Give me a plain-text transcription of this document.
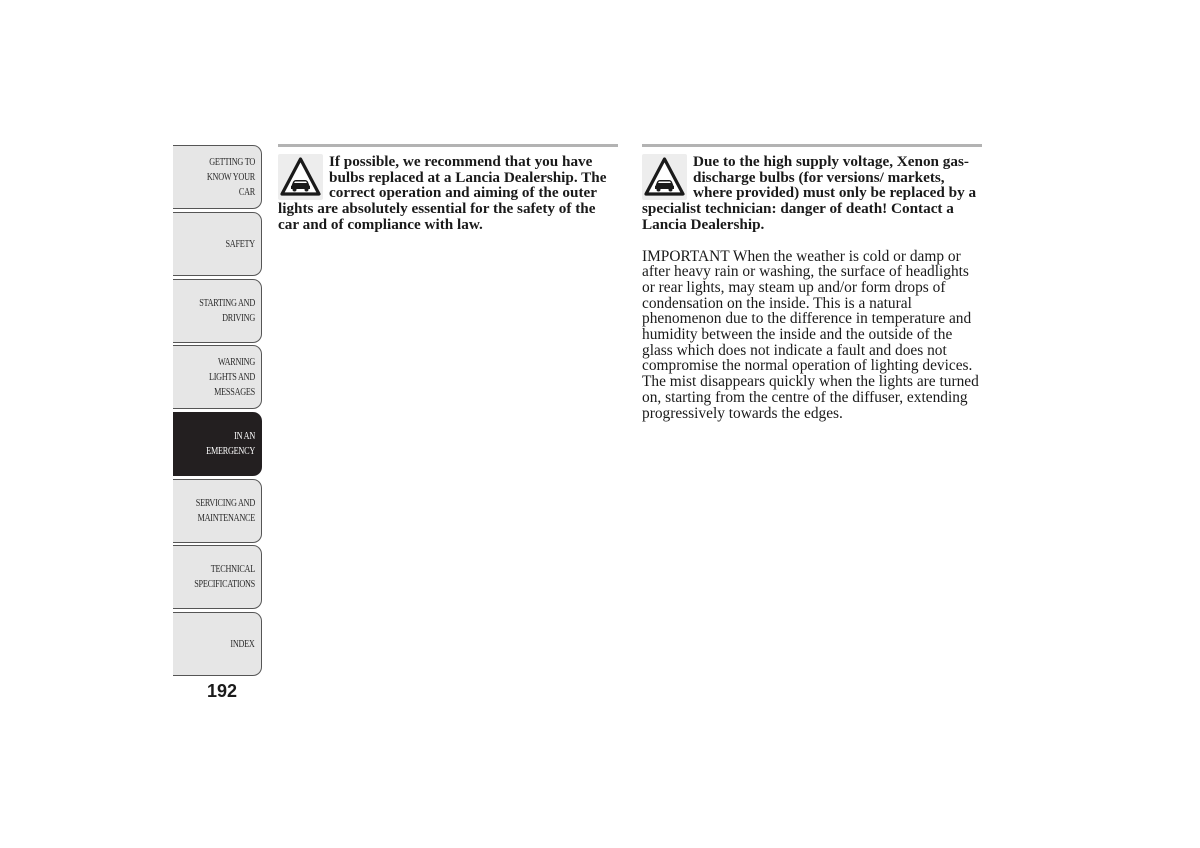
GETTING TO KNOW YOUR CAR
SAFETY
STARTING AND DRIVING
WARNING LIGHTS AND MESSAGES
IN AN EMERGENCY
SERVICING AND MAINTENANCE
TECHNICAL SPECIFICATIONS
INDEX
192

If possible, we recommend that you have bulbs replaced at a Lancia Dealership. The correct operation and aiming of the outer lights are absolutely essential for the safety of the car and of compliance with law.

Due to the high supply voltage, Xenon gas-discharge bulbs (for versions/ markets, where provided) must only be replaced by a specialist technician: danger of death! Contact a Lancia Dealership.

IMPORTANT When the weather is cold or damp or after heavy rain or washing, the surface of headlights or rear lights, may steam up and/or form drops of condensation on the inside. This is a natural phenomenon due to the difference in temperature and humidity between the inside and the outside of the glass which does not indicate a fault and does not compromise the normal operation of lighting devices. The mist disappears quickly when the lights are turned on, starting from the centre of the diffuser, extending progressively towards the edges.
